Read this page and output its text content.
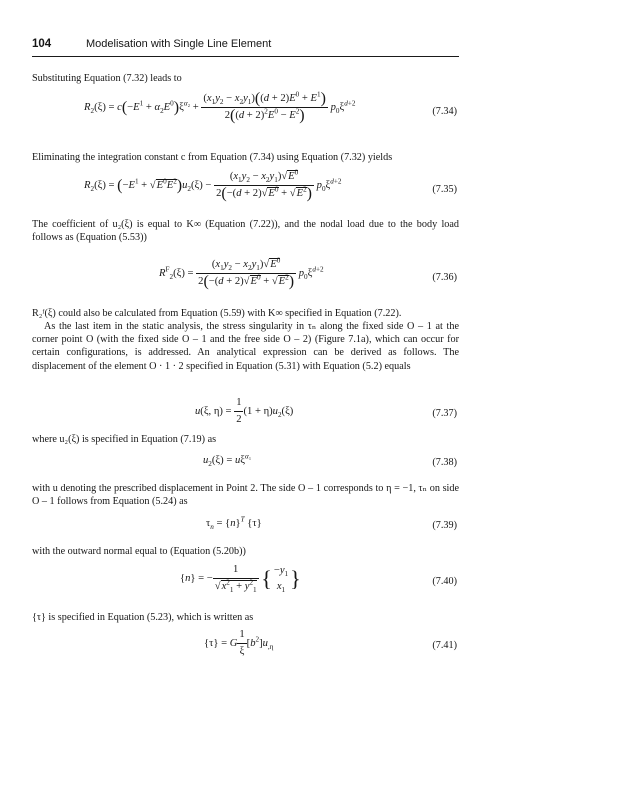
104	Modelisation with Single Line Element
Substituting Equation (7.32) leads to
$R_2(\xi) = c(-E^1 + \alpha_2E^0)\xi^{\alpha_2} + \frac{(x_1y_2 - x_2y_1)((d + 2)E^0 + E^1)}{2((d + 2)^2E^0 - E^2)} p_0\xi^{d+2}$
(7.34)
Eliminating the integration constant c from Equation (7.34) using Equation (7.32) yields
$R_2(\xi) = (-E^1 + √E^0E^2)u_2(\xi) - \frac{(x_1y_2 - x_2y_1)√E^0}{2(-(d + 2)√E^0 + √E^2)} p_0\xi^{d+2}$
(7.35)
The coefficient of u₂(ξ) is equal to K∞ (Equation (7.22)), and the nodal load due to the body load follows as (Equation (5.53))
$R^F_2(\xi) = \frac{(x_1y_2 - x_2y_1)√E^0}{2(-(d + 2)√E^0 + √E^2)} p_0\xi^{d+2}$
(7.36)
R₂ᶠ(ξ) could also be calculated from Equation (5.59) with K∞ specified in Equation (7.22).
As the last item in the static analysis, the stress singularity in τₙ along the fixed side O – 1 at the corner point O (with the fixed side O – 1 and the free side O – 2) (Figure 7.1a), which can occur for certain configurations, is addressed. An analytical expression can be derived as follows. The displacement of the element O · 1 · 2 specified in Equation (5.31) with Equation (5.2) equals
u(ξ, $\eta) = \frac{1}{2} (1 + \eta)u_2(\xi)$	(7.37)
where u₂(ξ) is specified in Equation (7.19) as
$u_2(\xi) = u\xi^{\alpha_1}$
(7.38)
with u denoting the prescribed displacement in Point 2. The side O – 1 corresponds to η = −1, τₙ on side O – 1 follows from Equation (5.24) as
$\tau_n = \{n\}^T$ {τ}	(7.39)
with the outward normal equal to (Equation (5.20b))
{n} = − $\frac{1}{√x^2_1 + y^2_1}$ { $-y_1$
$x_1$ }	(7.40)
{τ} is specified in Equation (5.23), which is written as
{τ} = G $\frac{1}{\xi} [b^2]u_{,\eta}$	(7.41)
